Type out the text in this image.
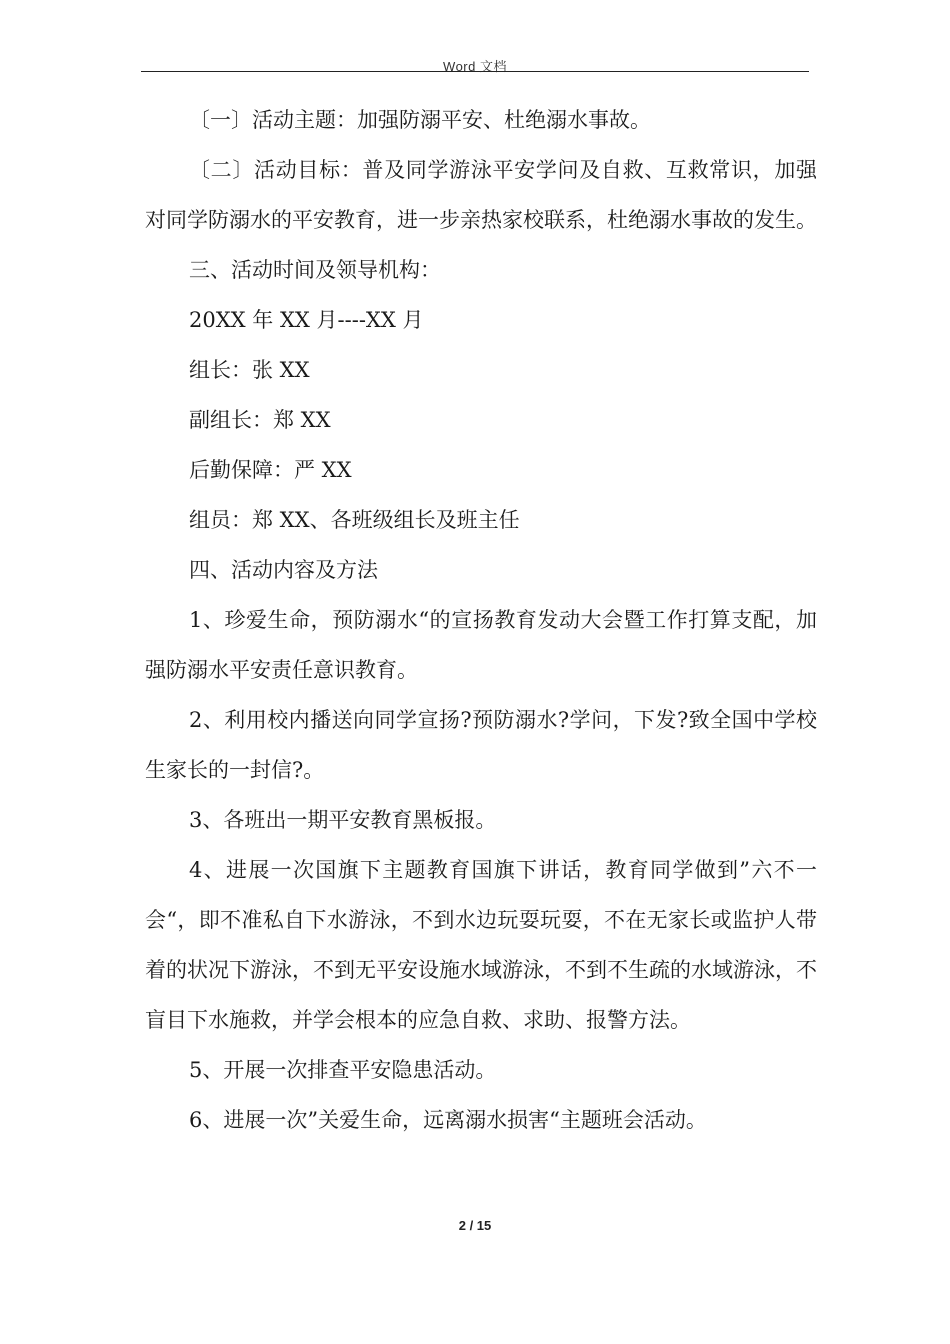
Word 文档

〔一〕活动主题：加强防溺平安、杜绝溺水事故。

〔二〕活动目标：普及同学游泳平安学问及自救、互救常识，加强对同学防溺水的平安教育，进一步亲热家校联系，杜绝溺水事故的发生。

三、活动时间及领导机构：

20XX 年 XX 月----XX 月

组长：张 XX

副组长：郑 XX

后勤保障：严 XX

组员：郑 XX、各班级组长及班主任

四、活动内容及方法

1、珍爱生命，预防溺水“的宣扬教育发动大会暨工作打算支配，加强防溺水平安责任意识教育。

2、利用校内播送向同学宣扬?预防溺水?学问，下发?致全国中学校生家长的一封信?。

3、各班出一期平安教育黑板报。

4、进展一次国旗下主题教育国旗下讲话，教育同学做到”六不一会“，即不准私自下水游泳，不到水边玩耍玩耍，不在无家长或监护人带着的状况下游泳，不到无平安设施水域游泳，不到不生疏的水域游泳，不盲目下水施救，并学会根本的应急自救、求助、报警方法。

5、开展一次排查平安隐患活动。

6、进展一次”关爱生命，远离溺水损害“主题班会活动。

2 / 15
